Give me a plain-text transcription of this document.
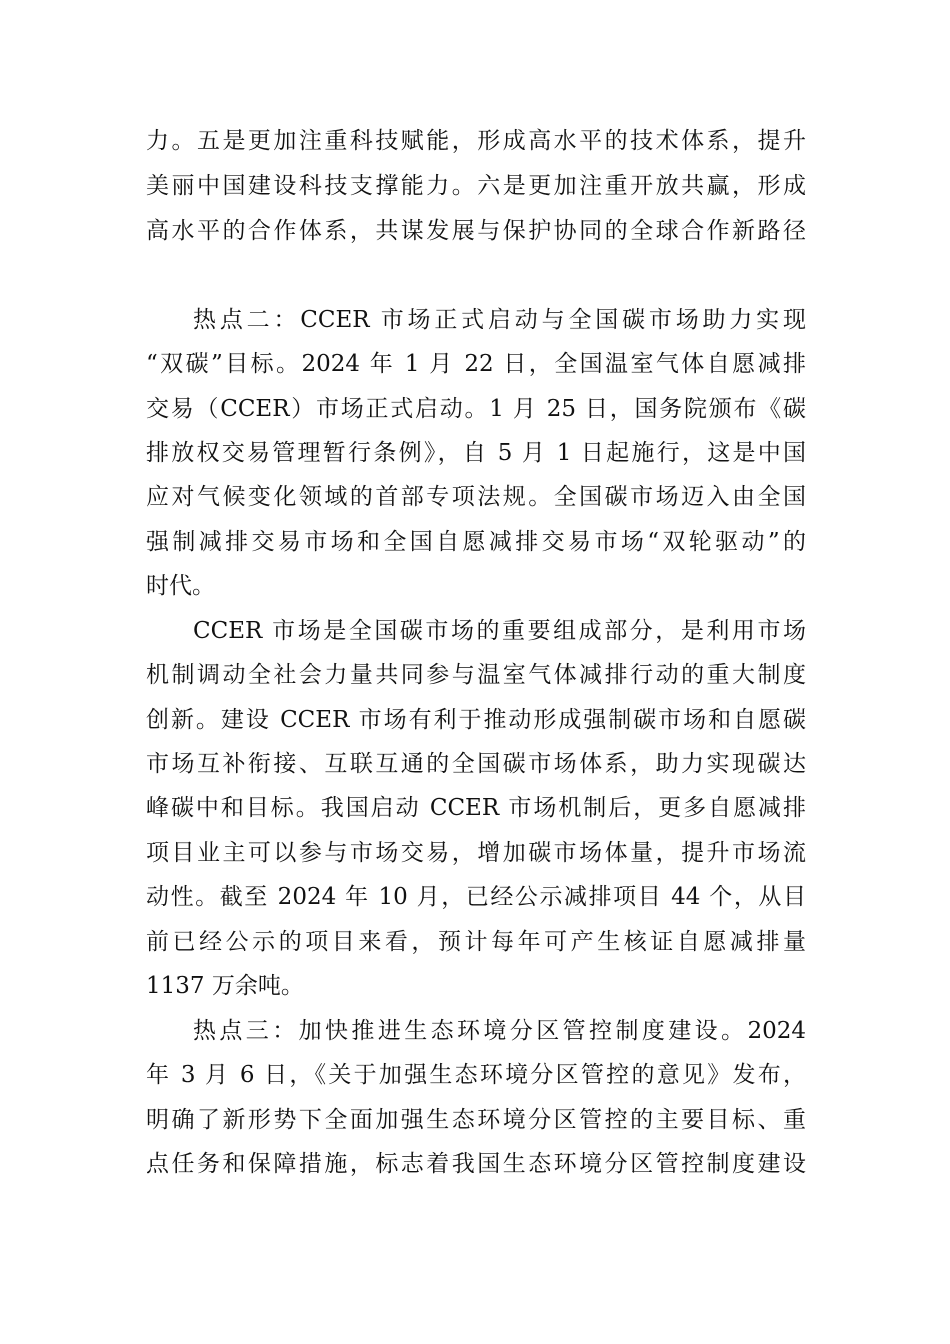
力。五是更加注重科技赋能，形成高水平的技术体系，提升
美丽中国建设科技支撑能力。六是更加注重开放共赢，形成
高水平的合作体系，共谋发展与保护协同的全球合作新路径
热点二：CCER 市场正式启动与全国碳市场助力实现
“双碳”目标。2024 年 1 月 22 日，全国温室气体自愿减排
交易（CCER）市场正式启动。1 月 25 日，国务院颁布《碳
排放权交易管理暂行条例》，自 5 月 1 日起施行，这是中国
应对气候变化领域的首部专项法规。全国碳市场迈入由全国
强制减排交易市场和全国自愿减排交易市场“双轮驱动”的
时代。
CCER 市场是全国碳市场的重要组成部分，是利用市场
机制调动全社会力量共同参与温室气体减排行动的重大制度
创新。建设 CCER 市场有利于推动形成强制碳市场和自愿碳
市场互补衔接、互联互通的全国碳市场体系，助力实现碳达
峰碳中和目标。我国启动 CCER 市场机制后，更多自愿减排
项目业主可以参与市场交易，增加碳市场体量，提升市场流
动性。截至 2024 年 10 月，已经公示减排项目 44 个，从目
前已经公示的项目来看，预计每年可产生核证自愿减排量
1137 万余吨。
热点三：加快推进生态环境分区管控制度建设。2024
年 3 月 6 日，《关于加强生态环境分区管控的意见》发布，
明确了新形势下全面加强生态环境分区管控的主要目标、重
点任务和保障措施，标志着我国生态环境分区管控制度建设
